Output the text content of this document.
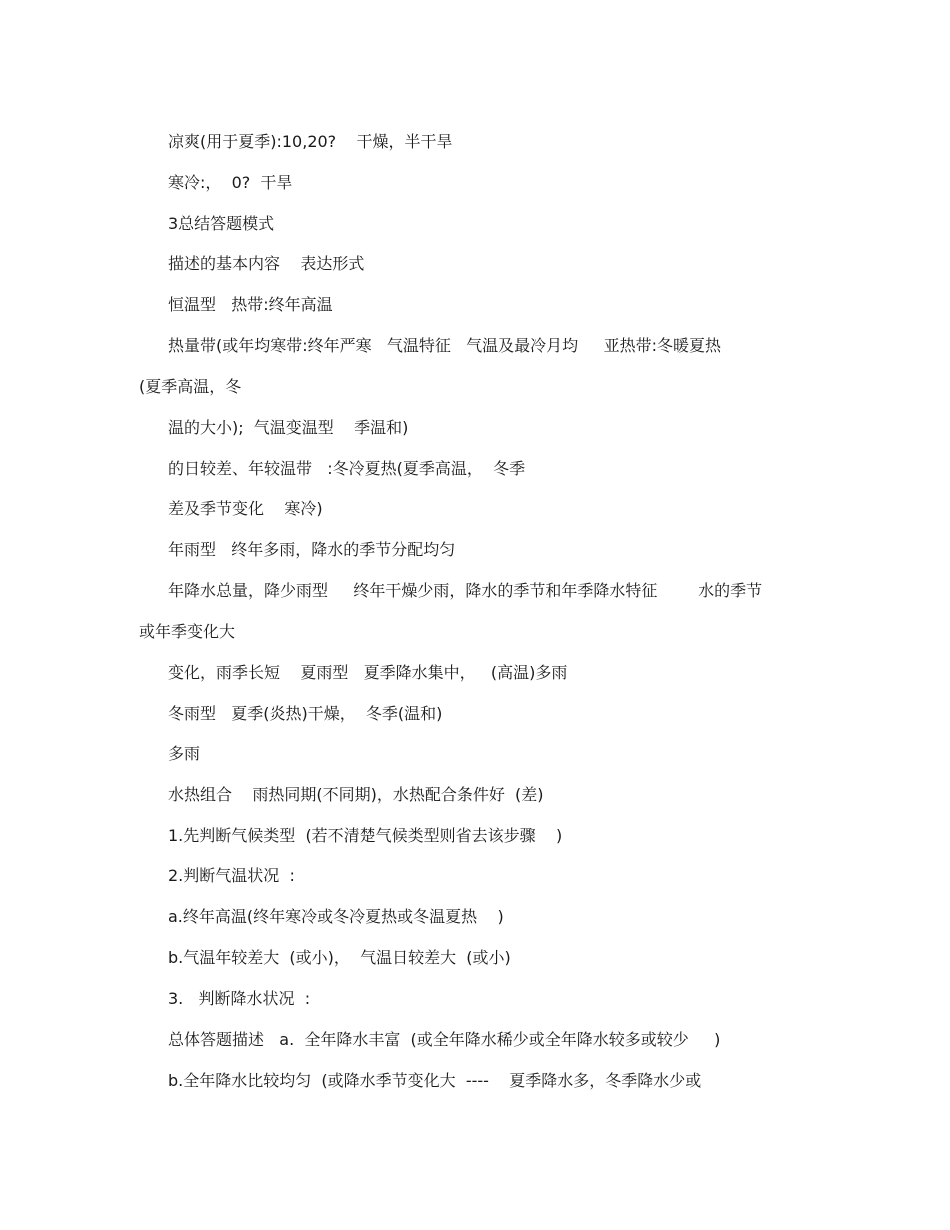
凉爽(用于夏季):10,20?    干燥，半干旱
寒冷:，  0?  干旱
3总结答题模式
描述的基本内容    表达形式
恒温型   热带:终年高温
热量带(或年均寒带:终年严寒   气温特征   气温及最冷月均     亚热带:冬暖夏热
(夏季高温，冬
温的大小);  气温变温型    季温和)
的日较差、年较温带   :冬冷夏热(夏季高温，  冬季
差及季节变化    寒冷)
年雨型   终年多雨，降水的季节分配均匀
年降水总量，降少雨型     终年干燥少雨，降水的季节和年季降水特征        水的季节
或年季变化大
变化，雨季长短    夏雨型   夏季降水集中，   (高温)多雨
冬雨型   夏季(炎热)干燥，  冬季(温和)
多雨
水热组合    雨热同期(不同期)，水热配合条件好  (差)
1.先判断气候类型  (若不清楚气候类型则省去该步骤    )
2.判断气温状况  :
a.终年高温(终年寒冷或冬冷夏热或冬温夏热    )
b.气温年较差大  (或小)，  气温日较差大  (或小)
3.   判断降水状况  :
总体答题描述   a.  全年降水丰富  (或全年降水稀少或全年降水较多或较少     )
b.全年降水比较均匀  (或降水季节变化大  ----    夏季降水多，冬季降水少或
